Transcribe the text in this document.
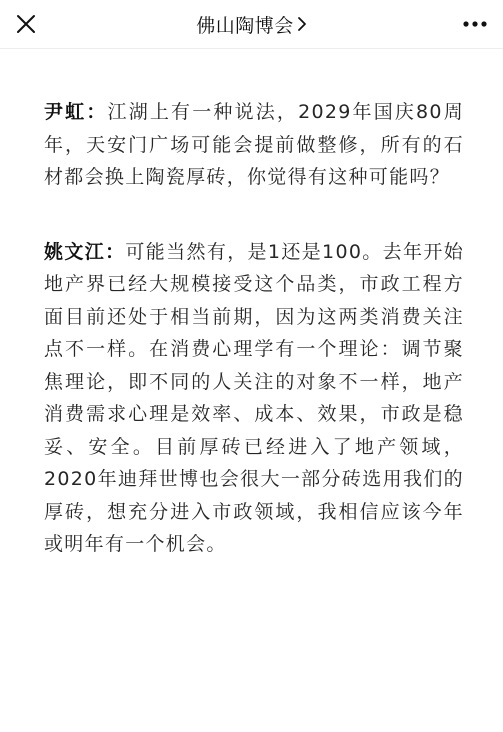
佛山陶博会

尹虹：江湖上有一种说法，2029年国庆80周年，天安门广场可能会提前做整修，所有的石材都会换上陶瓷厚砖，你觉得有这种可能吗？

姚文江：可能当然有，是1还是100。去年开始地产界已经大规模接受这个品类，市政工程方面目前还处于相当前期，因为这两类消费关注点不一样。在消费心理学有一个理论：调节聚焦理论，即不同的人关注的对象不一样，地产消费需求心理是效率、成本、效果，市政是稳妥、安全。目前厚砖已经进入了地产领域，2020年迪拜世博也会很大一部分砖选用我们的厚砖，想充分进入市政领域，我相信应该今年或明年有一个机会。
